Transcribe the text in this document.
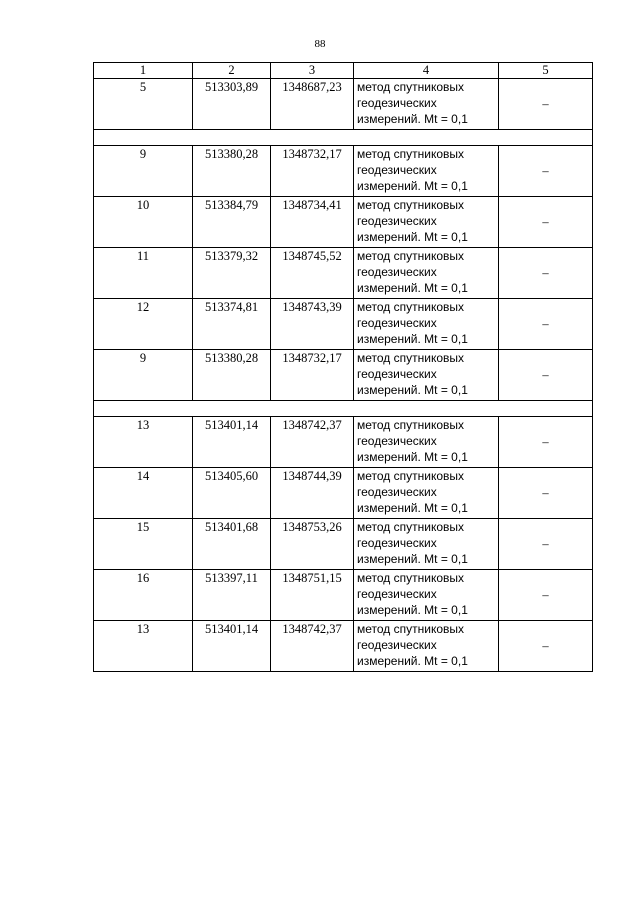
88
1	2	3	4	5
5	513303,89	1348687,23	метод спутниковых
геодезических
измерений. Mt = 0,1	–

9	513380,28	1348732,17	метод спутниковых
геодезических
измерений. Mt = 0,1	–
10	513384,79	1348734,41	метод спутниковых
геодезических
измерений. Mt = 0,1	–
11	513379,32	1348745,52	метод спутниковых
геодезических
измерений. Mt = 0,1	–
12	513374,81	1348743,39	метод спутниковых
геодезических
измерений. Mt = 0,1	–
9	513380,28	1348732,17	метод спутниковых
геодезических
измерений. Mt = 0,1	–

13	513401,14	1348742,37	метод спутниковых
геодезических
измерений. Mt = 0,1	–
14	513405,60	1348744,39	метод спутниковых
геодезических
измерений. Mt = 0,1	–
15	513401,68	1348753,26	метод спутниковых
геодезических
измерений. Mt = 0,1	–
16	513397,11	1348751,15	метод спутниковых
геодезических
измерений. Mt = 0,1	–
13	513401,14	1348742,37	метод спутниковых
геодезических
измерений. Mt = 0,1	–
